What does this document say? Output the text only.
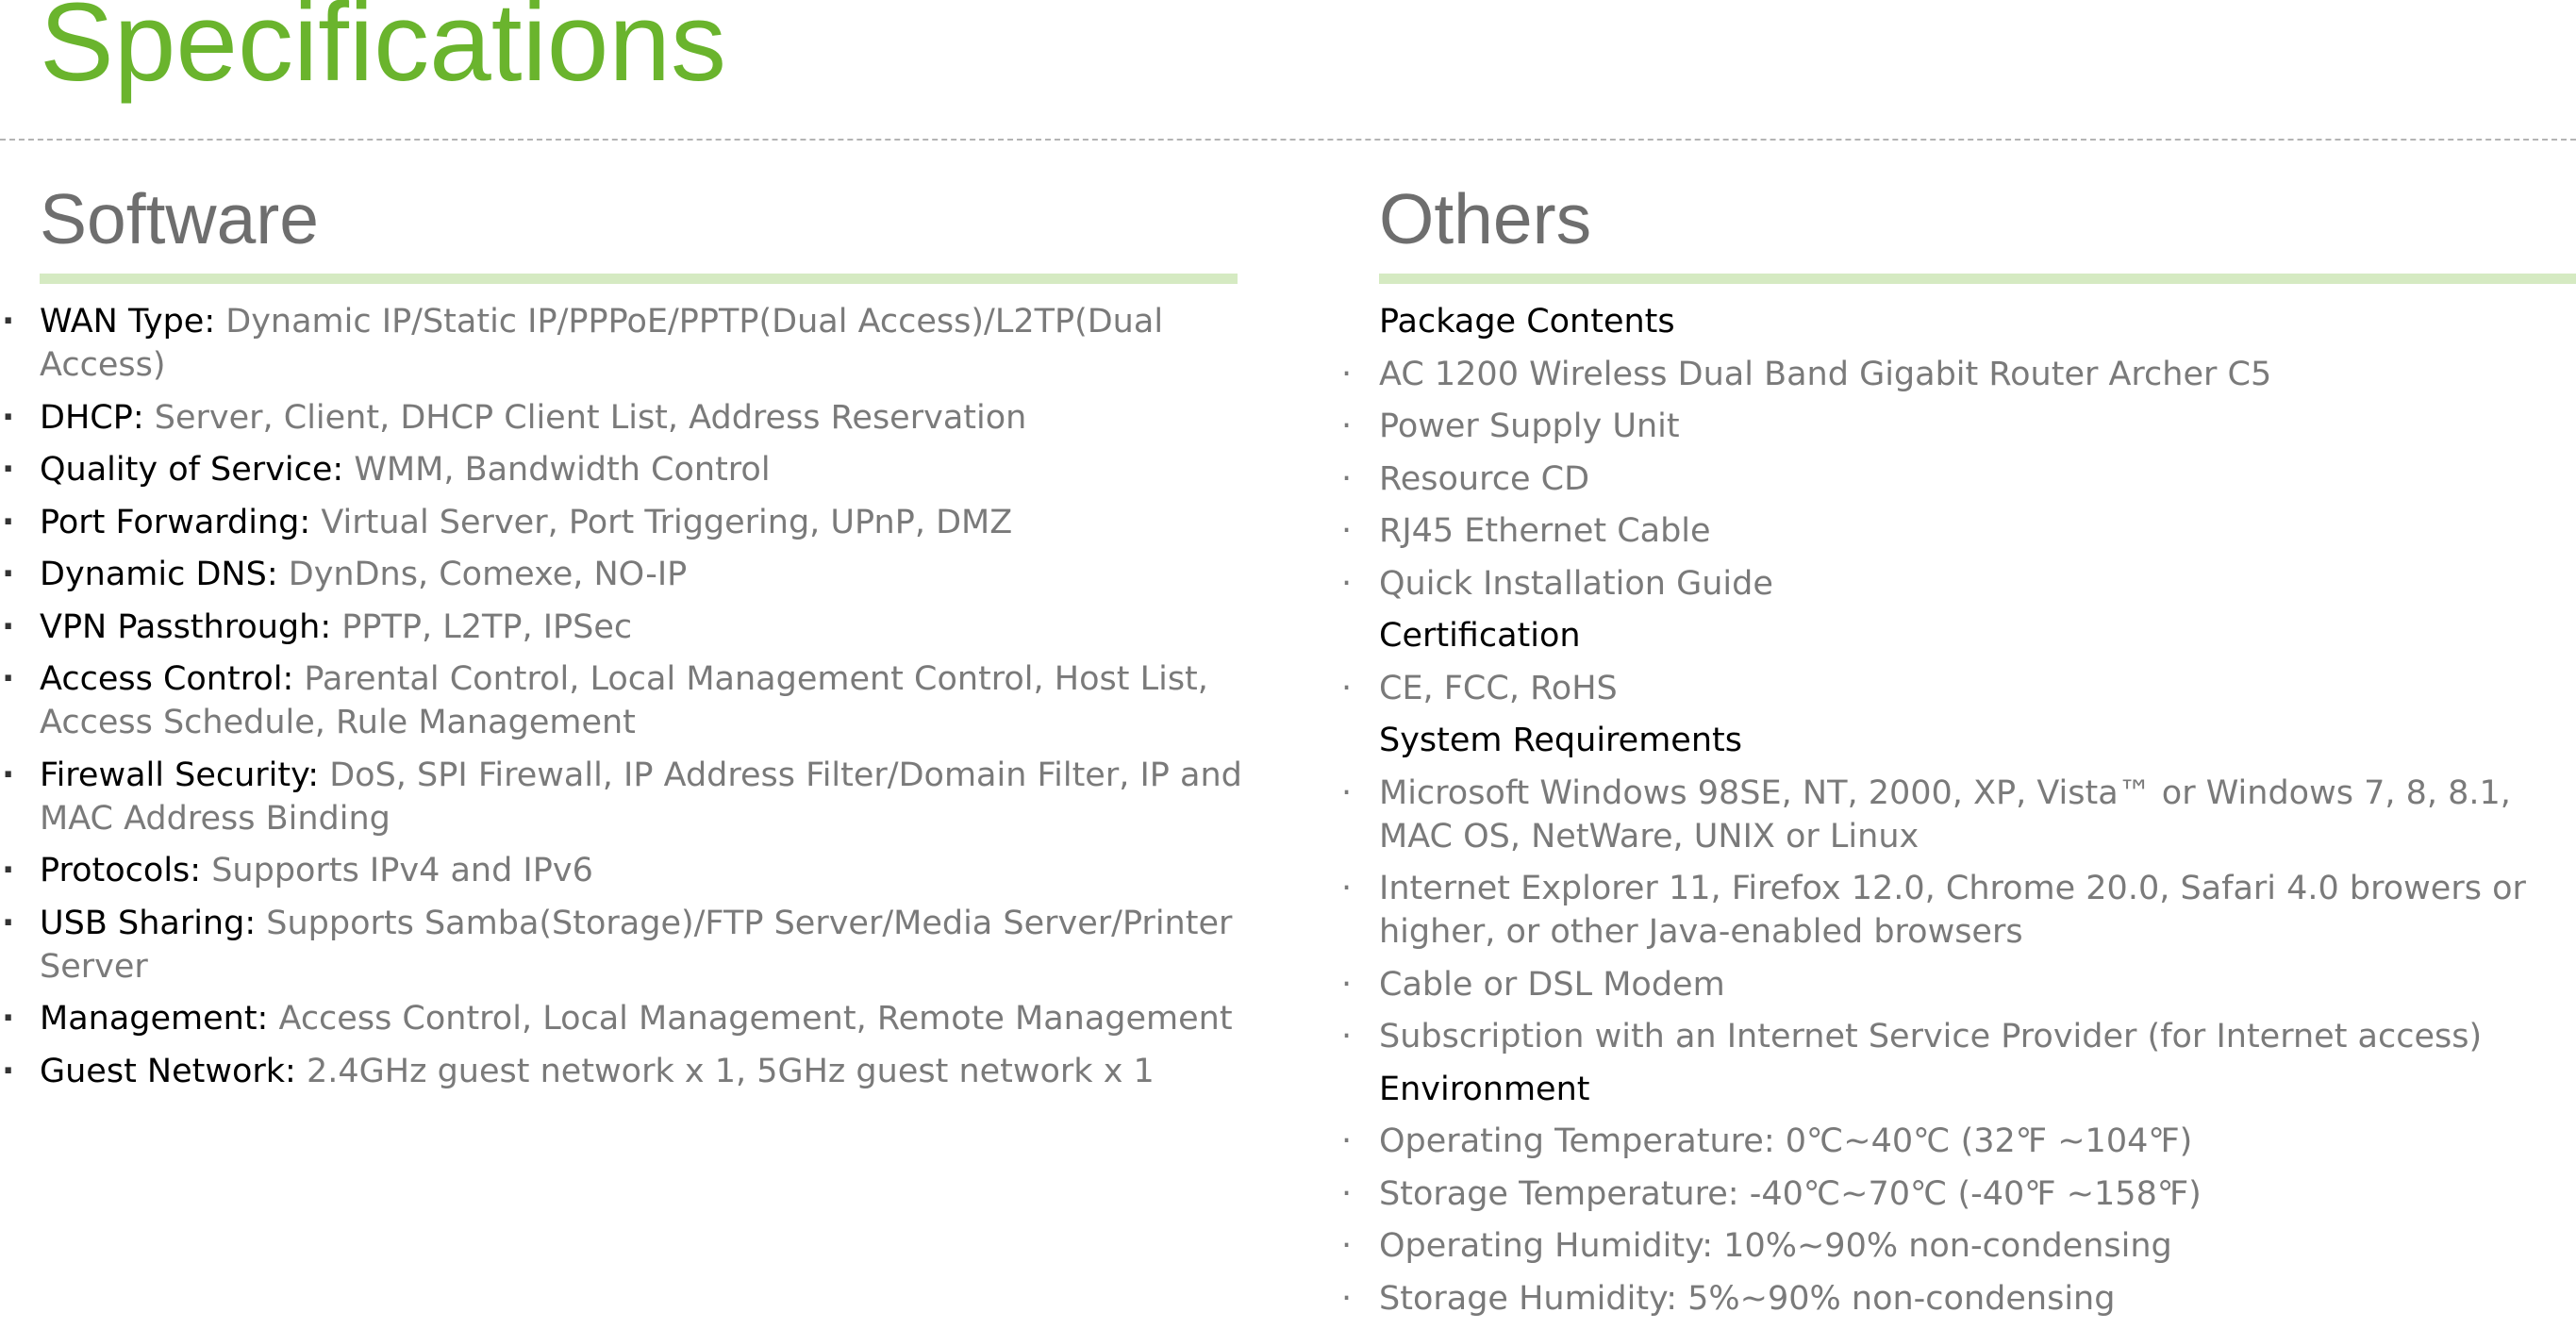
Specifications
Software
· WAN Type: Dynamic IP/Static IP/PPPoE/PPTP(Dual Access)/L2TP(Dual Access)
· DHCP: Server, Client, DHCP Client List, Address Reservation
· Quality of Service: WMM, Bandwidth Control
· Port Forwarding: Virtual Server, Port Triggering, UPnP, DMZ
· Dynamic DNS: DynDns, Comexe, NO-IP
· VPN Passthrough: PPTP, L2TP, IPSec
· Access Control: Parental Control, Local Management Control, Host List, Access Schedule, Rule Management
· Firewall Security: DoS, SPI Firewall, IP Address Filter/Domain Filter, IP and MAC Address Binding
· Protocols: Supports IPv4 and IPv6
· USB Sharing: Supports Samba(Storage)/FTP Server/Media Server/Printer Server
· Management: Access Control, Local Management, Remote Management
· Guest Network: 2.4GHz guest network x 1, 5GHz guest network x 1
Others
Package Contents
· AC 1200 Wireless Dual Band Gigabit Router Archer C5
· Power Supply Unit
· Resource CD
· RJ45 Ethernet Cable
· Quick Installation Guide
Certification
· CE, FCC, RoHS
System Requirements
· Microsoft Windows 98SE, NT, 2000, XP, Vista™ or Windows 7, 8, 8.1, MAC OS, NetWare, UNIX or Linux
· Internet Explorer 11, Firefox 12.0, Chrome 20.0, Safari 4.0 browers or higher, or other Java-enabled browsers
· Cable or DSL Modem
· Subscription with an Internet Service Provider (for Internet access)
Environment
· Operating Temperature: 0℃~40℃ (32℉ ~104℉)
· Storage Temperature: -40℃~70℃ (-40℉ ~158℉)
· Operating Humidity: 10%~90% non-condensing
· Storage Humidity: 5%~90% non-condensing
